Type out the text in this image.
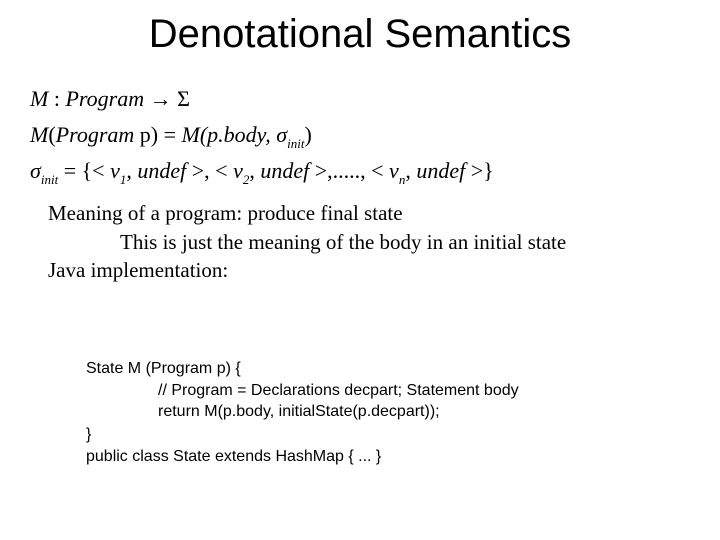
Denotational Semantics
M : Program → Σ
M(Program p) = M(p.body, $\sigma_{init}$)
$\sigma_{init}$ = {< $v_1$, undef >, < $v_2$, undef >,....., < $v_n$, undef >}
Meaning of a program: produce final state
This is just the meaning of the body in an initial state
Java implementation:
State M (Program p) {
// Program = Declarations decpart; Statement body
return M(p.body, initialState(p.decpart));
}
public class State extends HashMap { ... }
